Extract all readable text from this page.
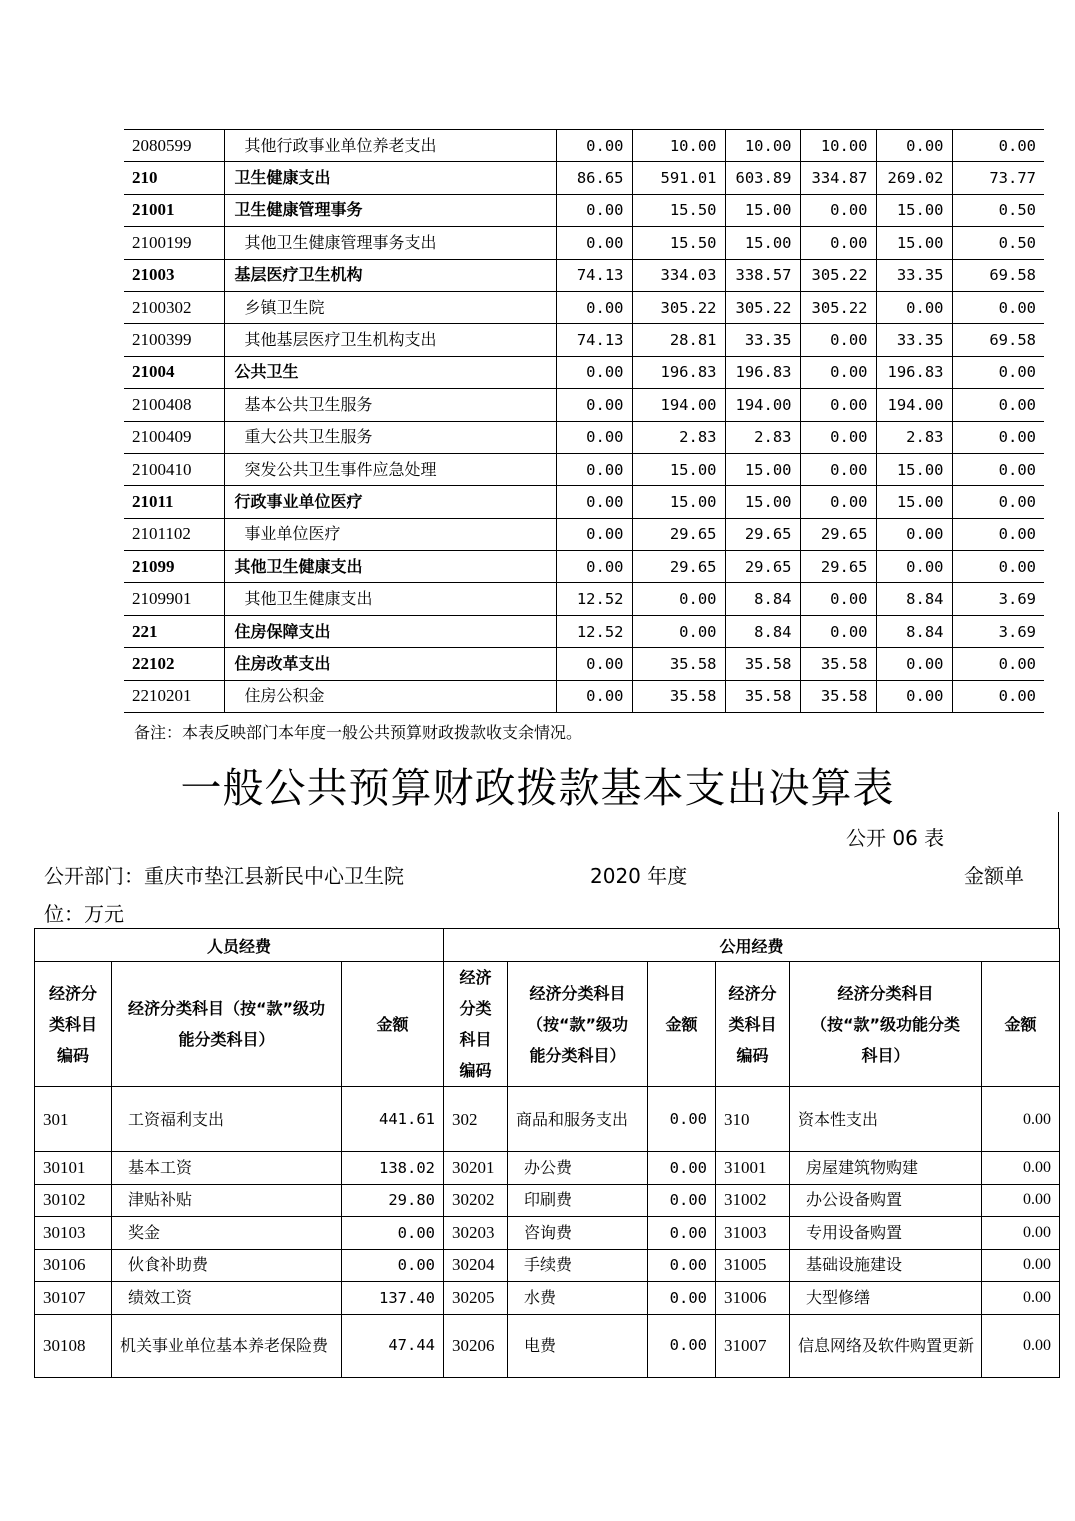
2080599	其他行政事业单位养老支出	0.00	10.00	10.00	10.00	0.00	0.00
210	卫生健康支出	86.65	591.01	603.89	334.87	269.02	73.77
21001	卫生健康管理事务	0.00	15.50	15.00	0.00	15.00	0.50
2100199	其他卫生健康管理事务支出	0.00	15.50	15.00	0.00	15.00	0.50
21003	基层医疗卫生机构	74.13	334.03	338.57	305.22	33.35	69.58
2100302	乡镇卫生院	0.00	305.22	305.22	305.22	0.00	0.00
2100399	其他基层医疗卫生机构支出	74.13	28.81	33.35	0.00	33.35	69.58
21004	公共卫生	0.00	196.83	196.83	0.00	196.83	0.00
2100408	基本公共卫生服务	0.00	194.00	194.00	0.00	194.00	0.00
2100409	重大公共卫生服务	0.00	2.83	2.83	0.00	2.83	0.00
2100410	突发公共卫生事件应急处理	0.00	15.00	15.00	0.00	15.00	0.00
21011	行政事业单位医疗	0.00	15.00	15.00	0.00	15.00	0.00
2101102	事业单位医疗	0.00	29.65	29.65	29.65	0.00	0.00
21099	其他卫生健康支出	0.00	29.65	29.65	29.65	0.00	0.00
2109901	其他卫生健康支出	12.52	0.00	8.84	0.00	8.84	3.69
221	住房保障支出	12.52	0.00	8.84	0.00	8.84	3.69
22102	住房改革支出	0.00	35.58	35.58	35.58	0.00	0.00
2210201	住房公积金	0.00	35.58	35.58	35.58	0.00	0.00
备注：本表反映部门本年度一般公共预算财政拨款收支余情况。
一般公共预算财政拨款基本支出决算表
公开 06 表
公开部门：重庆市垫江县新民中心卫生院	2020 年度	金额单
位：万元
人员经费			公用经费					

经济分类科目编码	经济分类科目（按“款”级功能分类科目）	金额	经济分类科目编码	经济分类科目（按“款”级功能分类科目）	金额	经济分类科目编码	经济分类科目（按“款”级功能分类科目）	金额
301	工资福利支出	441.61	302	商品和服务支出	0.00	310	资本性支出	0.00
30101	基本工资	138.02	30201	办公费	0.00	31001	房屋建筑物购建	0.00
30102	津贴补贴	29.80	30202	印刷费	0.00	31002	办公设备购置	0.00
30103	奖金	0.00	30203	咨询费	0.00	31003	专用设备购置	0.00
30106	伙食补助费	0.00	30204	手续费	0.00	31005	基础设施建设	0.00
30107	绩效工资	137.40	30205	水费	0.00	31006	大型修缮	0.00
30108	机关事业单位基本养老保险费	47.44	30206	电费	0.00	31007	信息网络及软件购置更新	0.00
